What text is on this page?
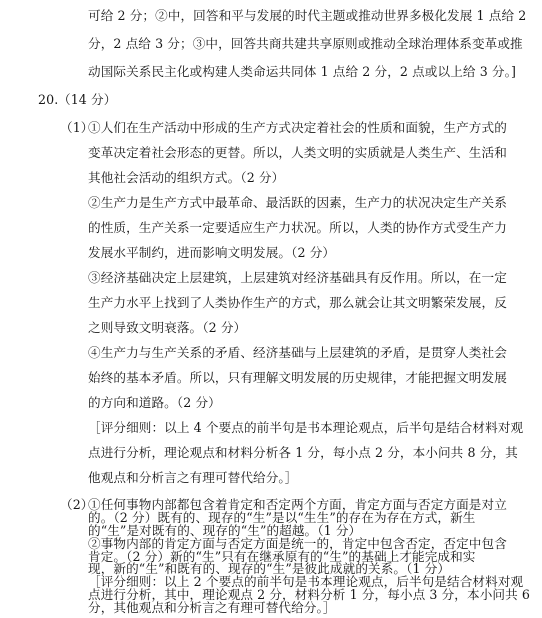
可给 2 分；②中，回答和平与发展的时代主题或推动世界多极化发展 1 点给 2
分，2 点给 3 分；③中，回答共商共建共享原则或推动全球治理体系变革或推
动国际关系民主化或构建人类命运共同体 1 点给 2 分，2 点或以上给 3 分。]
20. （14 分）
（1）
①人们在生产活动中形成的生产方式决定着社会的性质和面貌，生产方式的
变革决定着社会形态的更替。所以，人类文明的实质就是人类生产、生活和
其他社会活动的组织方式。（2 分）
②生产力是生产方式中最革命、最活跃的因素，生产力的状况决定生产关系
的性质，生产关系一定要适应生产力状况。所以，人类的协作方式受生产力
发展水平制约，进而影响文明发展。（2 分）
③经济基础决定上层建筑，上层建筑对经济基础具有反作用。所以，在一定
生产力水平上找到了人类协作生产的方式，那么就会让其文明繁荣发展，反
之则导致文明衰落。（2 分）
④生产力与生产关系的矛盾、经济基础与上层建筑的矛盾，是贯穿人类社会
始终的基本矛盾。所以，只有理解文明发展的历史规律，才能把握文明发展
的方向和道路。（2 分）
［评分细则：以上 4 个要点的前半句是书本理论观点，后半句是结合材料对观
点进行分析，理论观点和材料分析各 1 分，每小点 2 分，本小问共 8 分，其
他观点和分析言之有理可替代给分。］
（2）
①任何事物内部都包含着肯定和否定两个方面，肯定方面与否定方面是对立
的。（2 分）既有的、现存的“生”是以“生生”的存在为存在方式，新生
的“生”是对既有的、现存的“生”的超越。（1 分）
②事物内部的肯定方面与否定方面是统一的，肯定中包含否定，否定中包含
肯定。（2 分）新的“生”只有在继承原有的“生”的基础上才能完成和实
现，新的“生”和既有的、现存的“生”是彼此成就的关系。（1 分）
［评分细则：以上 2 个要点的前半句是书本理论观点，后半句是结合材料对观
点进行分析，其中，理论观点 2 分，材料分析 1 分，每小点 3 分，本小问共 6
分，其他观点和分析言之有理可替代给分。］
